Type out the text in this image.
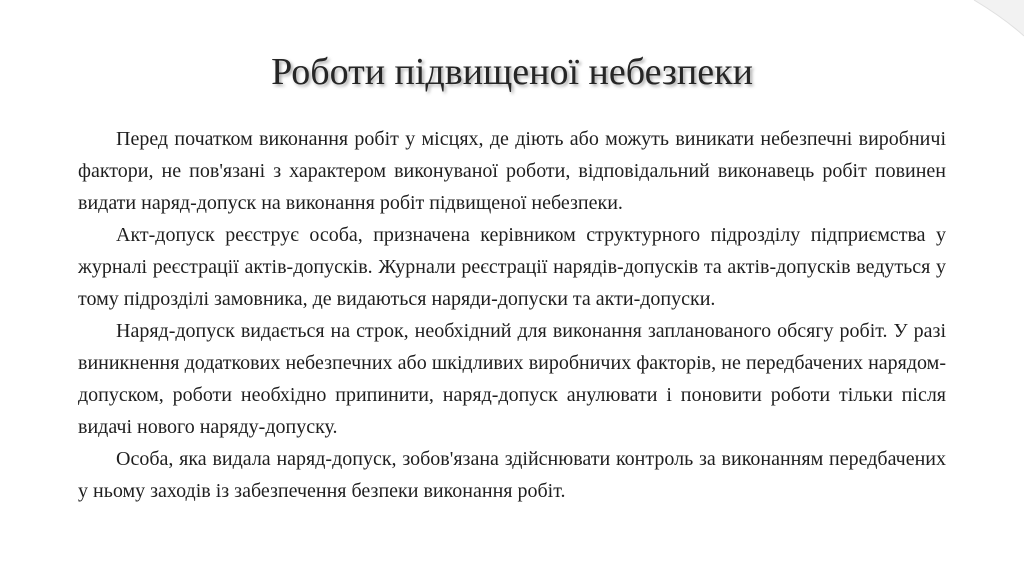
Роботи підвищеної небезпеки

Перед початком виконання робіт у місцях, де діють або можуть виникати небезпечні виробничі фактори, не пов'язані з характером виконуваної роботи, відповідальний виконавець робіт повинен видати наряд-допуск на виконання робіт підвищеної небезпеки.

Акт-допуск реєструє особа, призначена керівником структурного підрозділу підприємства у журналі реєстрації актів-допусків. Журнали реєстрації нарядів-допусків та актів-допусків ведуться у тому підрозділі замовника, де видаються наряди-допуски та акти-допуски.

Наряд-допуск видається на строк, необхідний для виконання запланованого обсягу робіт. У разі виникнення додаткових небезпечних або шкідливих виробничих факторів, не передбачених нарядом-допуском, роботи необхідно припинити, наряд-допуск анулювати і поновити роботи тільки після видачі нового наряду-допуску.

Особа, яка видала наряд-допуск, зобов'язана здійснювати контроль за виконанням передбачених у ньому заходів із забезпечення безпеки виконання робіт.
